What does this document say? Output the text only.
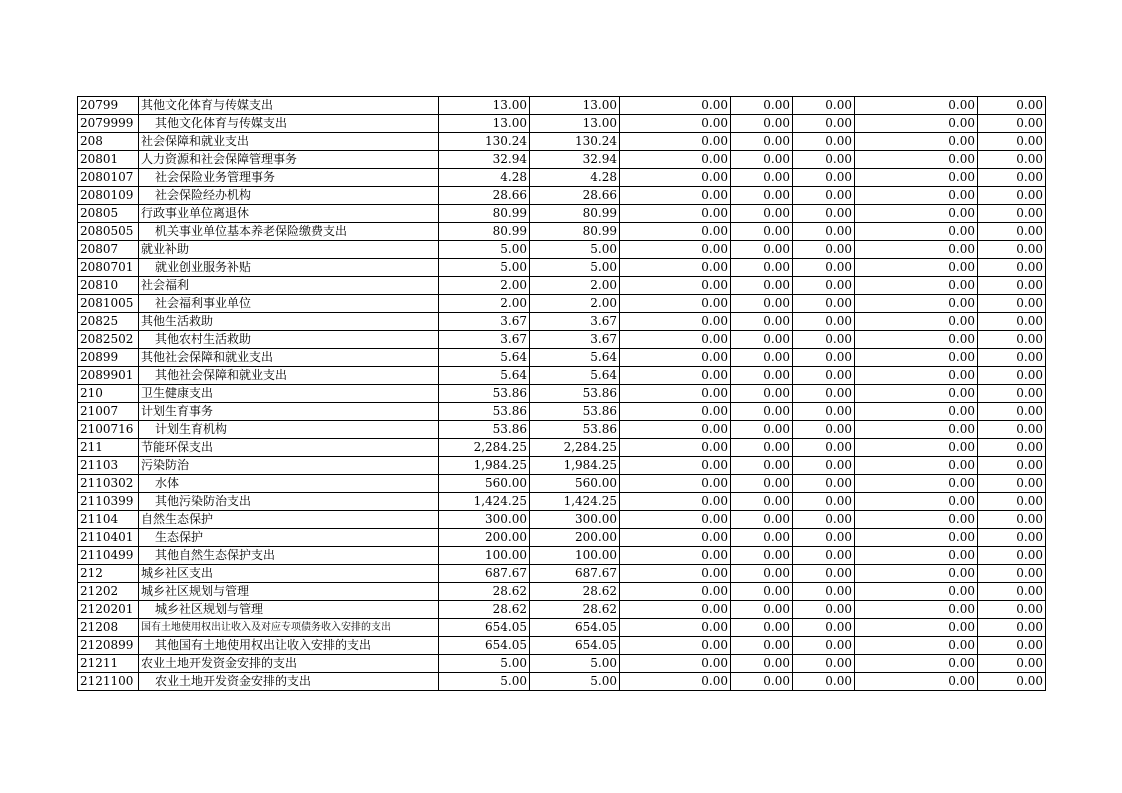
20799	其他文化体育与传媒支出	13.00	13.00	0.00	0.00	0.00	0.00	0.00
2079999	其他文化体育与传媒支出	13.00	13.00	0.00	0.00	0.00	0.00	0.00
208	社会保障和就业支出	130.24	130.24	0.00	0.00	0.00	0.00	0.00
20801	人力资源和社会保障管理事务	32.94	32.94	0.00	0.00	0.00	0.00	0.00
2080107	社会保险业务管理事务	4.28	4.28	0.00	0.00	0.00	0.00	0.00
2080109	社会保险经办机构	28.66	28.66	0.00	0.00	0.00	0.00	0.00
20805	行政事业单位离退休	80.99	80.99	0.00	0.00	0.00	0.00	0.00
2080505	机关事业单位基本养老保险缴费支出	80.99	80.99	0.00	0.00	0.00	0.00	0.00
20807	就业补助	5.00	5.00	0.00	0.00	0.00	0.00	0.00
2080701	就业创业服务补贴	5.00	5.00	0.00	0.00	0.00	0.00	0.00
20810	社会福利	2.00	2.00	0.00	0.00	0.00	0.00	0.00
2081005	社会福利事业单位	2.00	2.00	0.00	0.00	0.00	0.00	0.00
20825	其他生活救助	3.67	3.67	0.00	0.00	0.00	0.00	0.00
2082502	其他农村生活救助	3.67	3.67	0.00	0.00	0.00	0.00	0.00
20899	其他社会保障和就业支出	5.64	5.64	0.00	0.00	0.00	0.00	0.00
2089901	其他社会保障和就业支出	5.64	5.64	0.00	0.00	0.00	0.00	0.00
210	卫生健康支出	53.86	53.86	0.00	0.00	0.00	0.00	0.00
21007	计划生育事务	53.86	53.86	0.00	0.00	0.00	0.00	0.00
2100716	计划生育机构	53.86	53.86	0.00	0.00	0.00	0.00	0.00
211	节能环保支出	2,284.25	2,284.25	0.00	0.00	0.00	0.00	0.00
21103	污染防治	1,984.25	1,984.25	0.00	0.00	0.00	0.00	0.00
2110302	水体	560.00	560.00	0.00	0.00	0.00	0.00	0.00
2110399	其他污染防治支出	1,424.25	1,424.25	0.00	0.00	0.00	0.00	0.00
21104	自然生态保护	300.00	300.00	0.00	0.00	0.00	0.00	0.00
2110401	生态保护	200.00	200.00	0.00	0.00	0.00	0.00	0.00
2110499	其他自然生态保护支出	100.00	100.00	0.00	0.00	0.00	0.00	0.00
212	城乡社区支出	687.67	687.67	0.00	0.00	0.00	0.00	0.00
21202	城乡社区规划与管理	28.62	28.62	0.00	0.00	0.00	0.00	0.00
2120201	城乡社区规划与管理	28.62	28.62	0.00	0.00	0.00	0.00	0.00
21208	国有土地使用权出让收入及对应专项债务收入安排的支出	654.05	654.05	0.00	0.00	0.00	0.00	0.00
2120899	其他国有土地使用权出让收入安排的支出	654.05	654.05	0.00	0.00	0.00	0.00	0.00
21211	农业土地开发资金安排的支出	5.00	5.00	0.00	0.00	0.00	0.00	0.00
2121100	农业土地开发资金安排的支出	5.00	5.00	0.00	0.00	0.00	0.00	0.00
